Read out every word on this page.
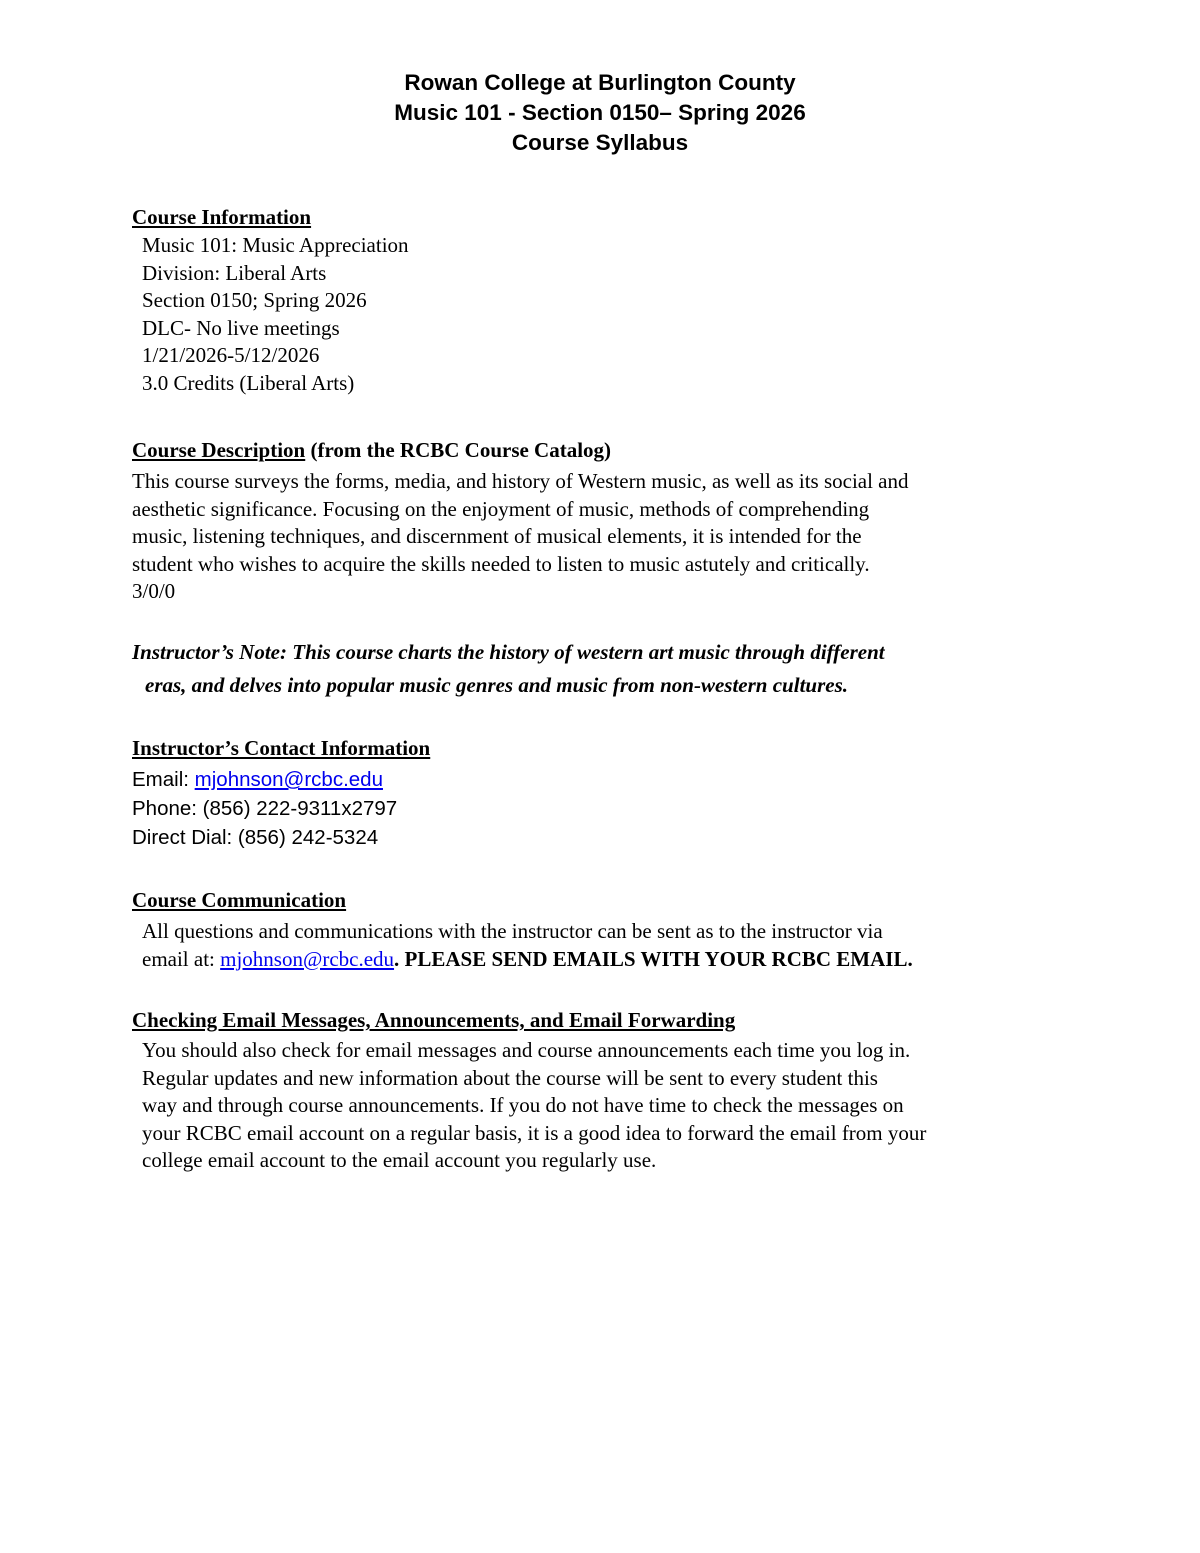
Rowan College at Burlington County
Music 101 - Section 0150– Spring 2026
Course Syllabus
Course Information
Music 101: Music Appreciation
Division: Liberal Arts
Section 0150; Spring 2026
DLC- No live meetings
1/21/2026-5/12/2026
3.0 Credits (Liberal Arts)
Course Description (from the RCBC Course Catalog)
This course surveys the forms, media, and history of Western music, as well as its social and
aesthetic significance. Focusing on the enjoyment of music, methods of comprehending
music, listening techniques, and discernment of musical elements, it is intended for the
student who wishes to acquire the skills needed to listen to music astutely and critically.
3/0/0
Instructor’s Note: This course charts the history of western art music through different
eras, and delves into popular music genres and music from non-western cultures.
Instructor’s Contact Information
Email: mjohnson@rcbc.edu
Phone: (856) 222-9311x2797
Direct Dial: (856) 242-5324
Course Communication
All questions and communications with the instructor can be sent as to the instructor via
email at: mjohnson@rcbc.edu. PLEASE SEND EMAILS WITH YOUR RCBC EMAIL.
Checking Email Messages, Announcements, and Email Forwarding
You should also check for email messages and course announcements each time you log in.
Regular updates and new information about the course will be sent to every student this
way and through course announcements. If you do not have time to check the messages on
your RCBC email account on a regular basis, it is a good idea to forward the email from your
college email account to the email account you regularly use.
